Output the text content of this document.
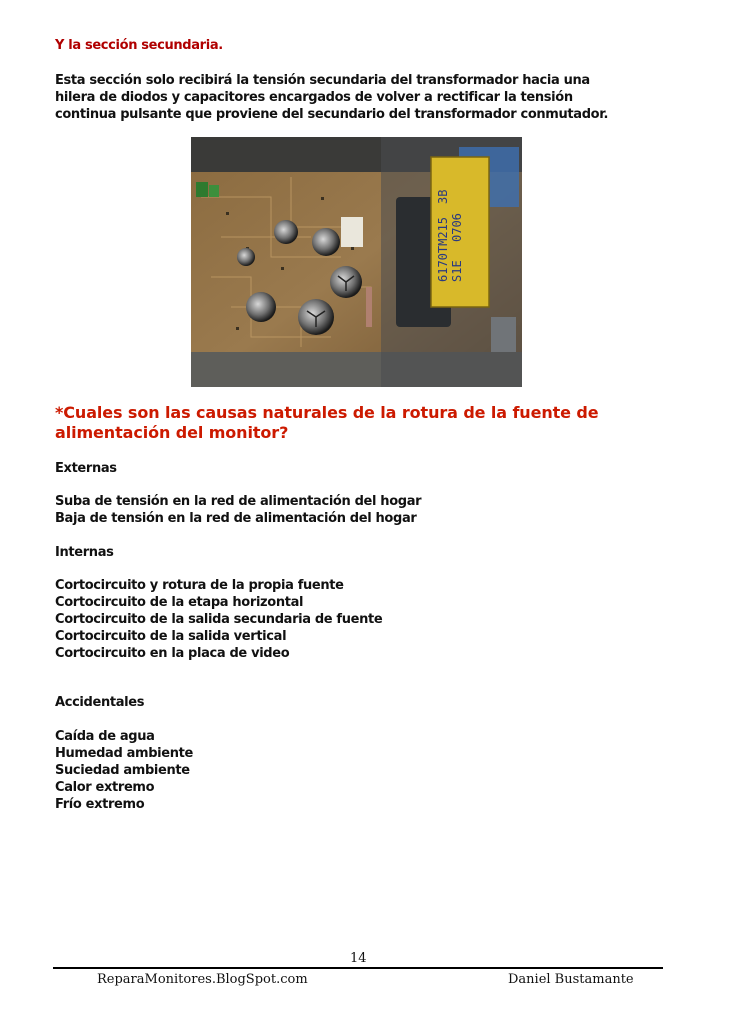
Y la sección secundaria.
Esta sección solo recibirá la tensión secundaria del transformador hacia una
hilera de diodos y capacitores encargados de volver a rectificar la tensión
continua pulsante que proviene del secundario del transformador conmutador.
6170TM215
3B
S1E
0706
*Cuales son las causas naturales de la rotura de la fuente de alimentación del monitor?
Externas
Suba de tensión en la red de alimentación del hogar
Baja de tensión en la red de alimentación del hogar
Internas
Cortocircuito y rotura de la propia fuente
Cortocircuito de la etapa horizontal
Cortocircuito de la salida secundaria de fuente
Cortocircuito de la salida vertical
Cortocircuito en la placa de video
Accidentales
Caída de agua
Humedad ambiente
Suciedad ambiente
Calor extremo
Frío extremo
14
ReparaMonitores.BlogSpot.com	Daniel Bustamante
